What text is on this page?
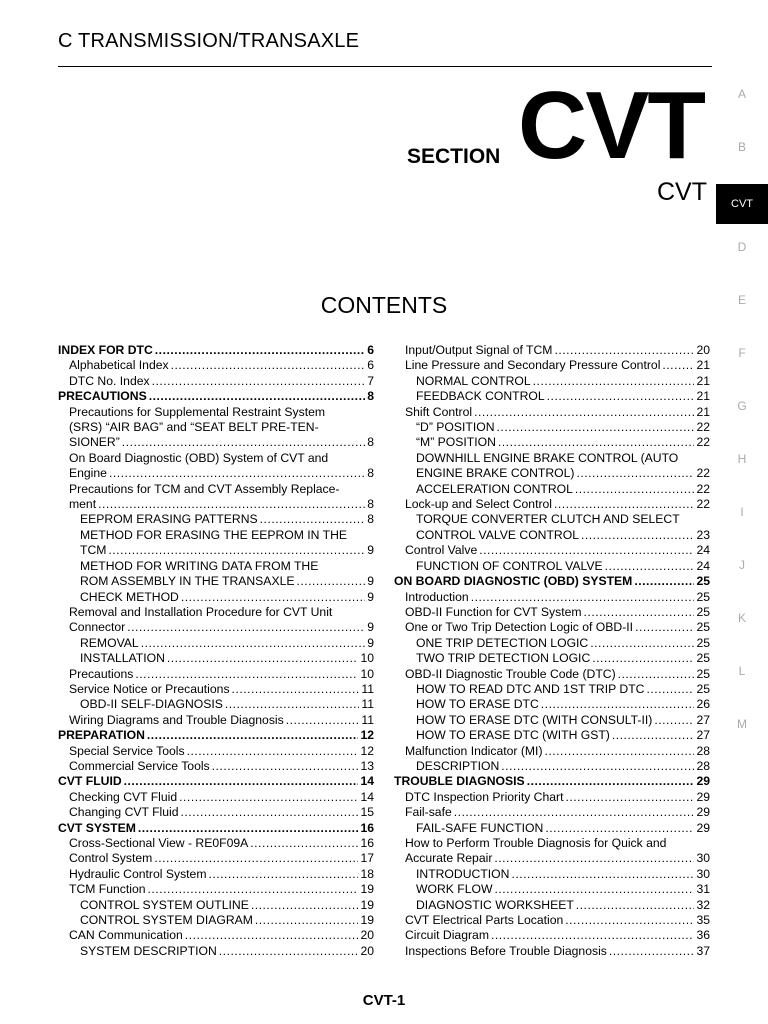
C TRANSMISSION/TRANSAXLE
SECTION CVT
CVT
A
B
CVT
D
E
F
G
H
I
J
K
L
M
CONTENTS
INDEX FOR DTC .....	6
Alphabetical Index .....	6
DTC No. Index .....	7
PRECAUTIONS .....	8
Precautions for Supplemental Restraint System
(SRS) “AIR BAG” and “SEAT BELT PRE-TEN-
SIONER” .....	8
On Board Diagnostic (OBD) System of CVT and
Engine .....	8
Precautions for TCM and CVT Assembly Replace-
ment .....	8
EEPROM ERASING PATTERNS .....	8
METHOD FOR ERASING THE EEPROM IN THE
TCM .....	9
METHOD FOR WRITING DATA FROM THE
ROM ASSEMBLY IN THE TRANSAXLE .....	9
CHECK METHOD .....	9
Removal and Installation Procedure for CVT Unit
Connector .....	9
REMOVAL .....	9
INSTALLATION .....	10
Precautions .....	10
Service Notice or Precautions .....	11
OBD-II SELF-DIAGNOSIS .....	11
Wiring Diagrams and Trouble Diagnosis .....	11
PREPARATION .....	12
Special Service Tools .....	12
Commercial Service Tools .....	13
CVT FLUID .....	14
Checking CVT Fluid .....	14
Changing CVT Fluid .....	15
CVT SYSTEM .....	16
Cross-Sectional View - RE0F09A .....	16
Control System .....	17
Hydraulic Control System .....	18
TCM Function .....	19
CONTROL SYSTEM OUTLINE .....	19
CONTROL SYSTEM DIAGRAM .....	19
CAN Communication .....	20
SYSTEM DESCRIPTION .....	20
Input/Output Signal of TCM .....	20
Line Pressure and Secondary Pressure Control .....	21
NORMAL CONTROL .....	21
FEEDBACK CONTROL .....	21
Shift Control .....	21
“D” POSITION .....	22
“M” POSITION .....	22
DOWNHILL ENGINE BRAKE CONTROL (AUTO
ENGINE BRAKE CONTROL) .....	22
ACCELERATION CONTROL .....	22
Lock-up and Select Control .....	22
TORQUE CONVERTER CLUTCH AND SELECT
CONTROL VALVE CONTROL .....	23
Control Valve .....	24
FUNCTION OF CONTROL VALVE .....	24
ON BOARD DIAGNOSTIC (OBD) SYSTEM .....	25
Introduction .....	25
OBD-II Function for CVT System .....	25
One or Two Trip Detection Logic of OBD-II .....	25
ONE TRIP DETECTION LOGIC .....	25
TWO TRIP DETECTION LOGIC .....	25
OBD-II Diagnostic Trouble Code (DTC) .....	25
HOW TO READ DTC AND 1ST TRIP DTC .....	25
HOW TO ERASE DTC .....	26
HOW TO ERASE DTC (WITH CONSULT-II) .....	27
HOW TO ERASE DTC (WITH GST) .....	27
Malfunction Indicator (MI) .....	28
DESCRIPTION .....	28
TROUBLE DIAGNOSIS .....	29
DTC Inspection Priority Chart .....	29
Fail-safe .....	29
FAIL-SAFE FUNCTION .....	29
How to Perform Trouble Diagnosis for Quick and
Accurate Repair .....	30
INTRODUCTION .....	30
WORK FLOW .....	31
DIAGNOSTIC WORKSHEET .....	32
CVT Electrical Parts Location .....	35
Circuit Diagram .....	36
Inspections Before Trouble Diagnosis .....	37
CVT-1
